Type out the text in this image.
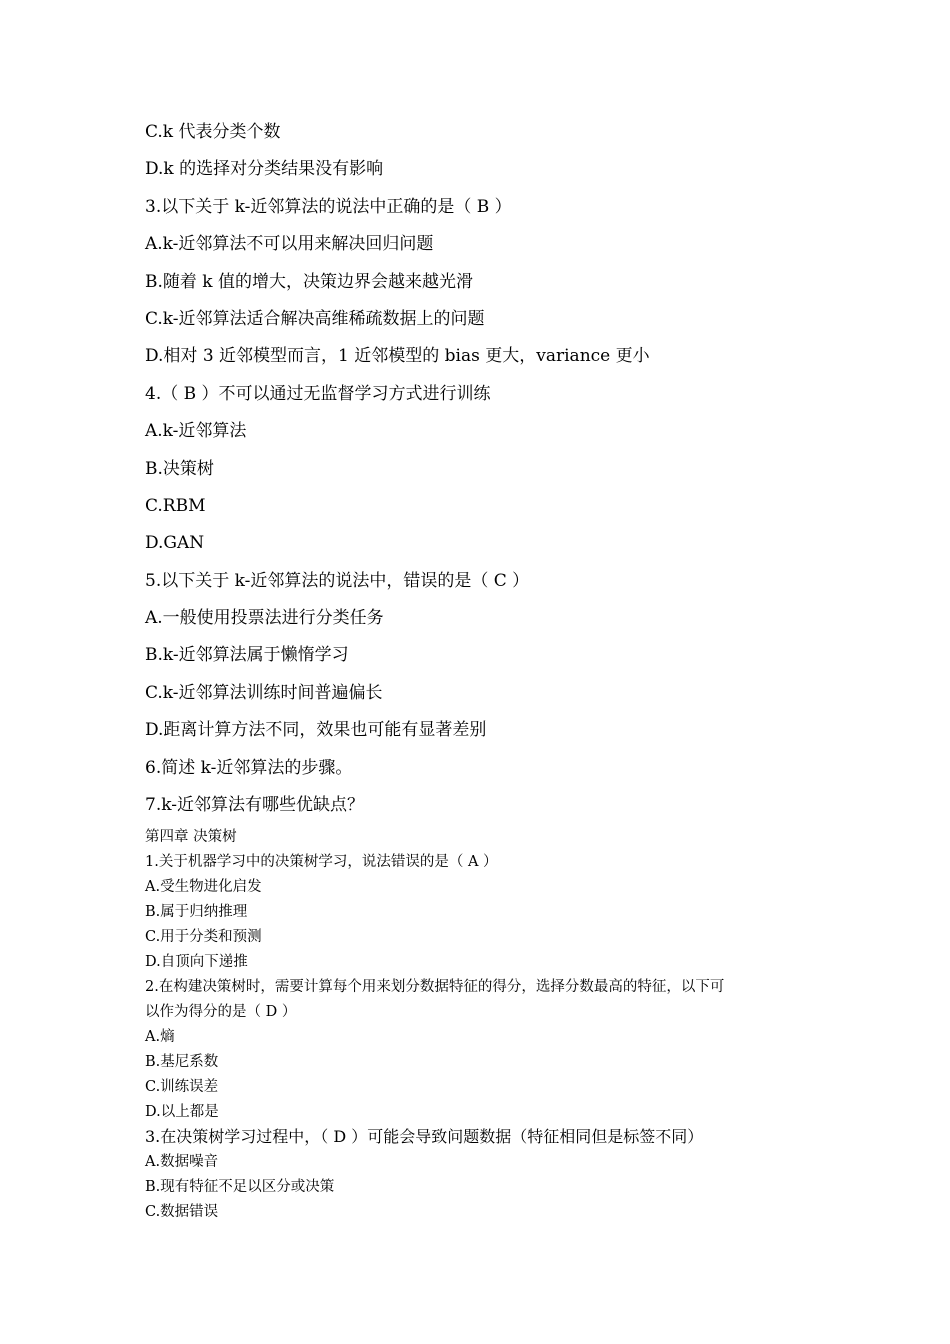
C.k 代表分类个数
D.k 的选择对分类结果没有影响
3.以下关于 k-近邻算法的说法中正确的是（ B ）
A.k-近邻算法不可以用来解决回归问题
B.随着 k 值的增大，决策边界会越来越光滑
C.k-近邻算法适合解决高维稀疏数据上的问题
D.相对 3 近邻模型而言，1 近邻模型的 bias 更大，variance 更小
4.（ B ）不可以通过无监督学习方式进行训练
A.k-近邻算法
B.决策树
C.RBM
D.GAN
5.以下关于 k-近邻算法的说法中，错误的是（ C ）
A.一般使用投票法进行分类任务
B.k-近邻算法属于懒惰学习
C.k-近邻算法训练时间普遍偏长
D.距离计算方法不同，效果也可能有显著差别
6.简述 k-近邻算法的步骤。
7.k-近邻算法有哪些优缺点？
第四章 决策树
1.关于机器学习中的决策树学习，说法错误的是（ A ）
A.受生物进化启发
B.属于归纳推理
C.用于分类和预测
D.自顶向下递推
2.在构建决策树时，需要计算每个用来划分数据特征的得分，选择分数最高的特征，以下可
以作为得分的是（ D ）
A.熵
B.基尼系数
C.训练误差
D.以上都是
3.在决策树学习过程中，（ D ）可能会导致问题数据（特征相同但是标签不同）
A.数据噪音
B.现有特征不足以区分或决策
C.数据错误
